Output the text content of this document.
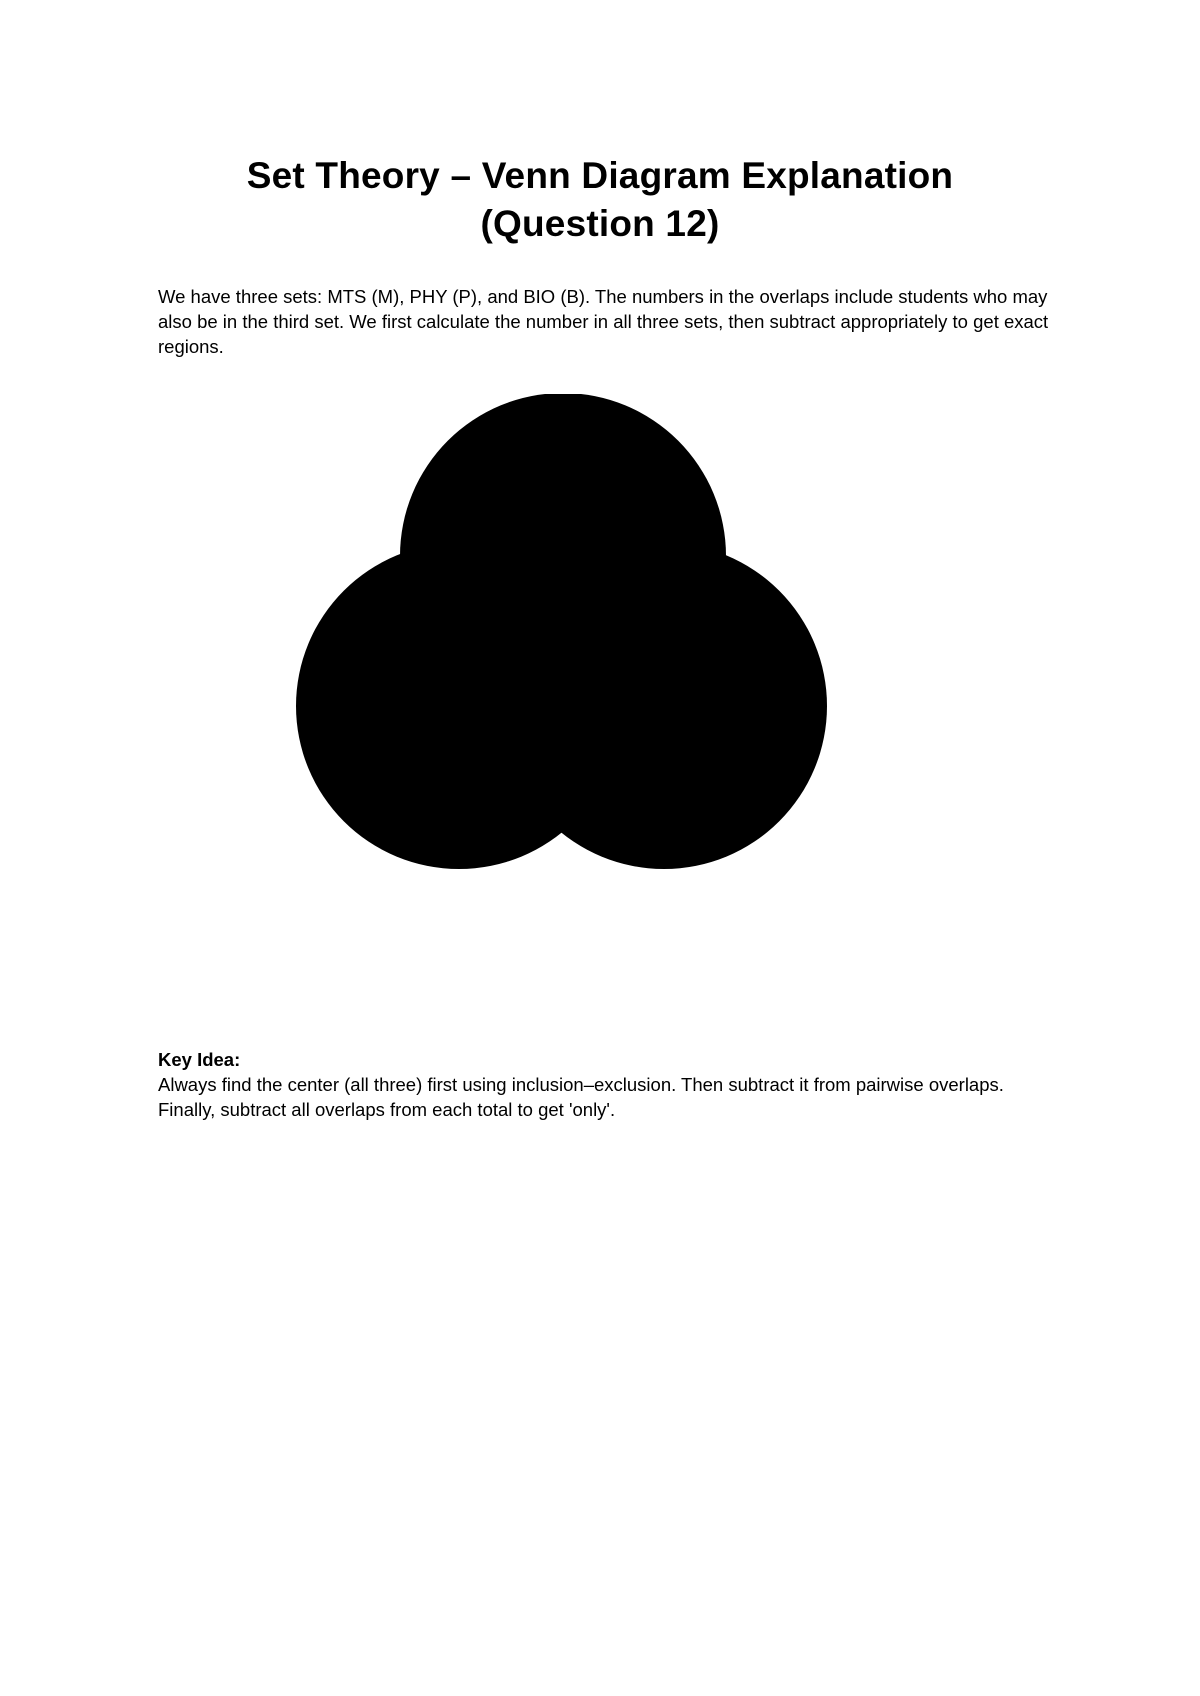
Set Theory – Venn Diagram Explanation (Question 12)

We have three sets: MTS (M), PHY (P), and BIO (B). The numbers in the overlaps include students who may also be in the third set. We first calculate the number in all three sets, then subtract appropriately to get exact regions.

Key Idea:

Always find the center (all three) first using inclusion–exclusion. Then subtract it from pairwise overlaps. Finally, subtract all overlaps from each total to get 'only'.
